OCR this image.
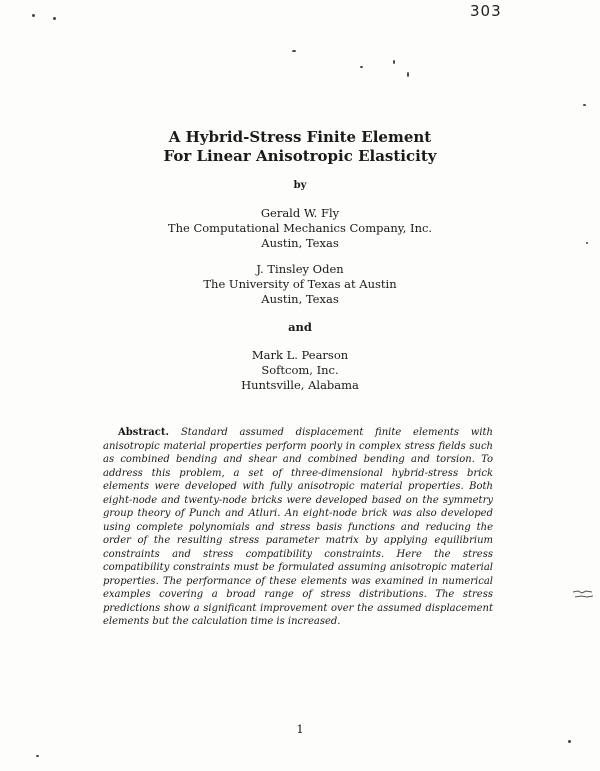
303
A Hybrid-Stress Finite Element
For Linear Anisotropic Elasticity
by
Gerald W. Fly
The Computational Mechanics Company, Inc.
Austin, Texas
J. Tinsley Oden
The University of Texas at Austin
Austin, Texas
and
Mark L. Pearson
Softcom, Inc.
Huntsville, Alabama
Abstract. Standard assumed displacement finite elements with anisotropic material properties perform poorly in complex stress fields such as combined bending and shear and combined bending and torsion. To address this problem, a set of three-dimensional hybrid-stress brick elements were developed with fully anisotropic material properties. Both eight-node and twenty-node bricks were developed based on the symmetry group theory of Punch and Atluri. An eight-node brick was also developed using complete polynomials and stress basis functions and reducing the order of the resulting stress parameter matrix by applying equilibrium constraints and stress compatibility constraints. Here the stress compatibility constraints must be formulated assuming anisotropic material properties. The performance of these elements was examined in numerical examples covering a broad range of stress distributions. The stress predictions show a significant improvement over the assumed displacement elements but the calculation time is increased.
1
